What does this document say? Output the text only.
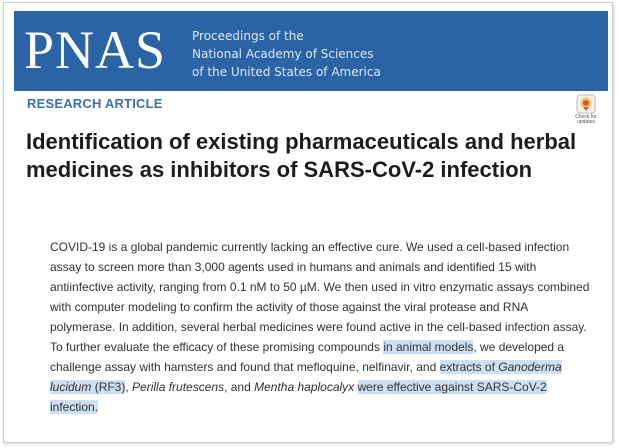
PNAS Proceedings of the
National Academy of Sciences
of the United States of America
RESEARCH ARTICLE
Check for updates
Identification of existing pharmaceuticals and herbal medicines as inhibitors of SARS-CoV-2 infection

COVID-19 is a global pandemic currently lacking an effective cure. We used a cell-based infection assay to screen more than 3,000 agents used in humans and animals and identified 15 with antiinfective activity, ranging from 0.1 nM to 50 µM. We then used in vitro enzymatic assays combined with computer modeling to confirm the activity of those against the viral protease and RNA polymerase. In addition, several herbal medicines were found active in the cell-based infection assay. To further evaluate the efficacy of these promising compounds in animal models, we developed a challenge assay with hamsters and found that mefloquine, nelfinavir, and extracts of Ganoderma lucidum (RF3), Perilla frutescens, and Mentha haplocalyx were effective against SARS-CoV-2 infection.
